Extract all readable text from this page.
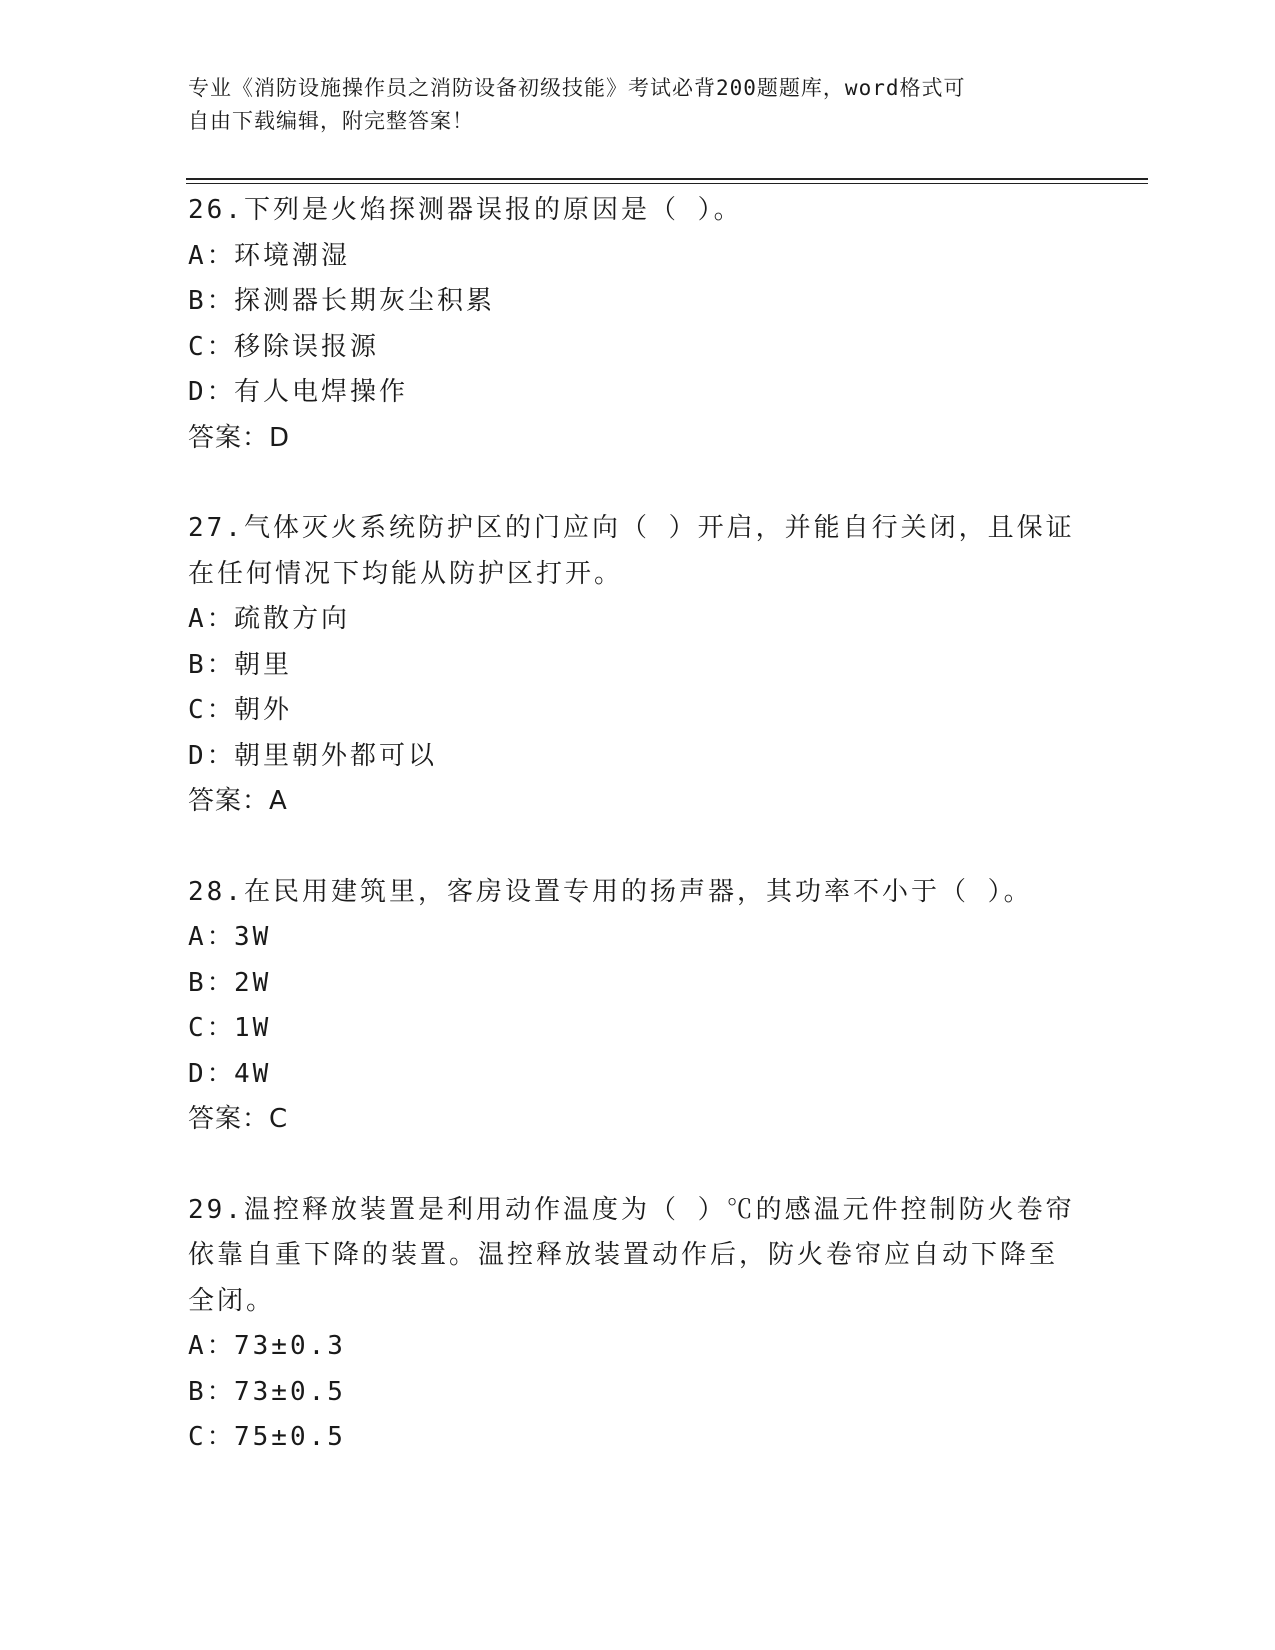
专业《消防设施操作员之消防设备初级技能》考试必背200题题库，word格式可
自由下载编辑，附完整答案！
26.下列是火焰探测器误报的原因是（ ）。
A：环境潮湿
B：探测器长期灰尘积累
C：移除误报源
D：有人电焊操作
答案：D
27.气体灭火系统防护区的门应向（ ）开启，并能自行关闭，且保证
在任何情况下均能从防护区打开。
A：疏散方向
B：朝里
C：朝外
D：朝里朝外都可以
答案：A
28.在民用建筑里，客房设置专用的扬声器，其功率不小于（ ）。
A：3W
B：2W
C：1W
D：4W
答案：C
29.温控释放装置是利用动作温度为（ ）℃的感温元件控制防火卷帘
依靠自重下降的装置。温控释放装置动作后，防火卷帘应自动下降至
全闭。
A：73±0.3
B：73±0.5
C：75±0.5
